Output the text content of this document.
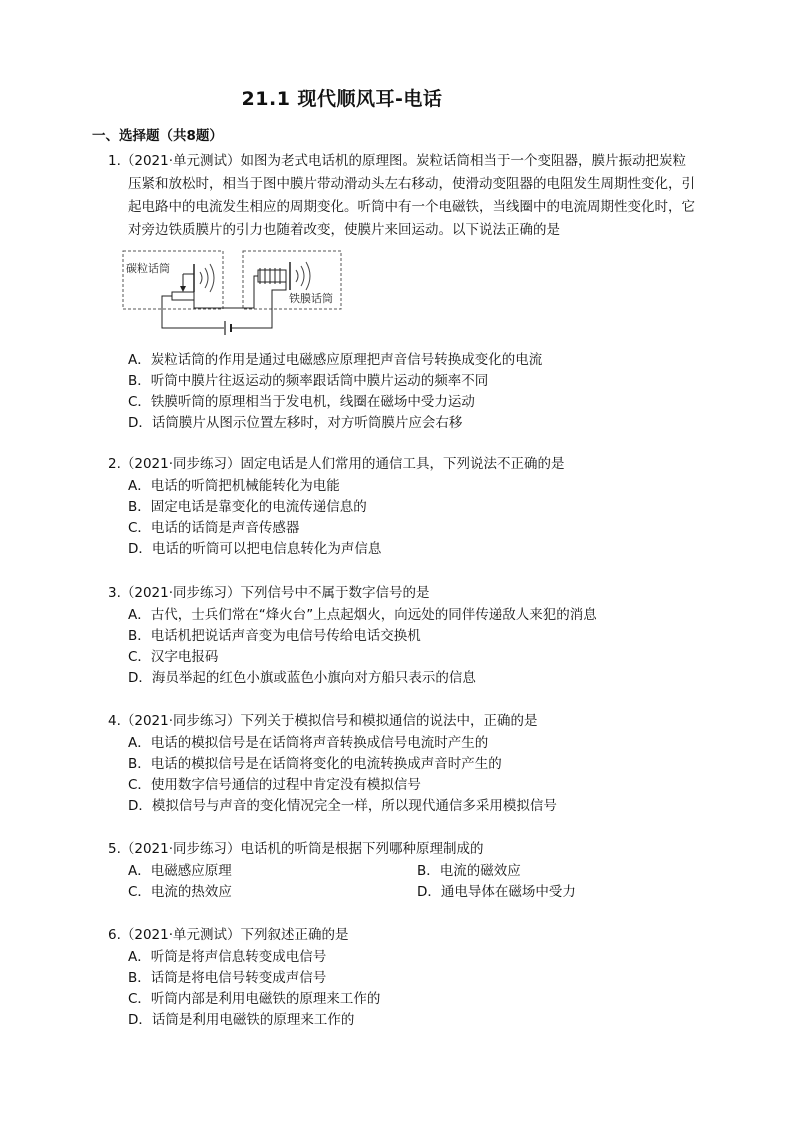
21.1 现代顺风耳-电话
一、选择题（共8题）
1.（2021·单元测试）如图为老式电话机的原理图。炭粒话筒相当于一个变阻器，膜片振动把炭粒
压紧和放松时，相当于图中膜片带动滑动头左右移动，使滑动变阻器的电阻发生周期性变化，引
起电路中的电流发生相应的周期变化。听筒中有一个电磁铁，当线圈中的电流周期性变化时，它
对旁边铁质膜片的引力也随着改变，使膜片来回运动。以下说法正确的是
碳粒话筒
铁膜话筒
A．炭粒话筒的作用是通过电磁感应原理把声音信号转换成变化的电流
B．听筒中膜片往返运动的频率跟话筒中膜片运动的频率不同
C．铁膜听筒的原理相当于发电机，线圈在磁场中受力运动
D．话筒膜片从图示位置左移时，对方听筒膜片应会右移
2.（2021·同步练习）固定电话是人们常用的通信工具，下列说法不正确的是
A．电话的听筒把机械能转化为电能
B．固定电话是靠变化的电流传递信息的
C．电话的话筒是声音传感器
D．电话的听筒可以把电信息转化为声信息
3.（2021·同步练习）下列信号中不属于数字信号的是
A．古代，士兵们常在“烽火台”上点起烟火，向远处的同伴传递敌人来犯的消息
B．电话机把说话声音变为电信号传给电话交换机
C．汉字电报码
D．海员举起的红色小旗或蓝色小旗向对方船只表示的信息
4.（2021·同步练习）下列关于模拟信号和模拟通信的说法中，正确的是
A．电话的模拟信号是在话筒将声音转换成信号电流时产生的
B．电话的模拟信号是在话筒将变化的电流转换成声音时产生的
C．使用数字信号通信的过程中肯定没有模拟信号
D．模拟信号与声音的变化情况完全一样，所以现代通信多采用模拟信号
5.（2021·同步练习）电话机的听筒是根据下列哪种原理制成的
A．电磁感应原理	B．电流的磁效应
C．电流的热效应	D．通电导体在磁场中受力
6.（2021·单元测试）下列叙述正确的是
A．听筒是将声信息转变成电信号
B．话筒是将电信号转变成声信号
C．听筒内部是利用电磁铁的原理来工作的
D．话筒是利用电磁铁的原理来工作的
